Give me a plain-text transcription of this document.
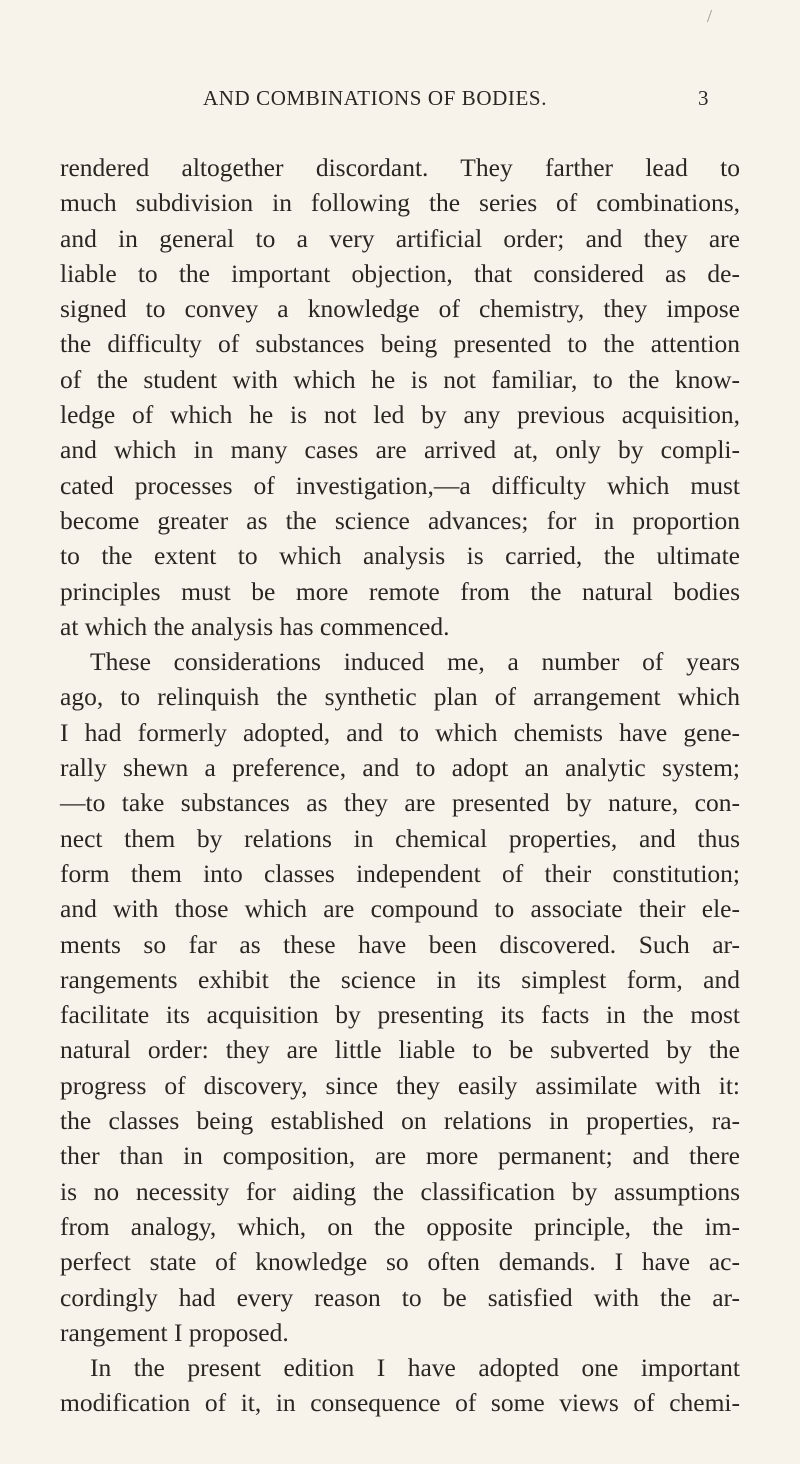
/
AND COMBINATIONS OF BODIES.	3
rendered altogether discordant. They farther lead to
much subdivision in following the series of combinations,
and in general to a very artificial order; and they are
liable to the important objection, that considered as de-
signed to convey a knowledge of chemistry, they impose
the difficulty of substances being presented to the attention
of the student with which he is not familiar, to the know-
ledge of which he is not led by any previous acquisition,
and which in many cases are arrived at, only by compli-
cated processes of investigation,—a difficulty which must
become greater as the science advances; for in proportion
to the extent to which analysis is carried, the ultimate
principles must be more remote from the natural bodies
at which the analysis has commenced.
These considerations induced me, a number of years
ago, to relinquish the synthetic plan of arrangement which
I had formerly adopted, and to which chemists have gene-
rally shewn a preference, and to adopt an analytic system;
—to take substances as they are presented by nature, con-
nect them by relations in chemical properties, and thus
form them into classes independent of their constitution;
and with those which are compound to associate their ele-
ments so far as these have been discovered. Such ar-
rangements exhibit the science in its simplest form, and
facilitate its acquisition by presenting its facts in the most
natural order: they are little liable to be subverted by the
progress of discovery, since they easily assimilate with it:
the classes being established on relations in properties, ra-
ther than in composition, are more permanent; and there
is no necessity for aiding the classification by assumptions
from analogy, which, on the opposite principle, the im-
perfect state of knowledge so often demands. I have ac-
cordingly had every reason to be satisfied with the ar-
rangement I proposed.
In the present edition I have adopted one important
modification of it, in consequence of some views of chemi-
